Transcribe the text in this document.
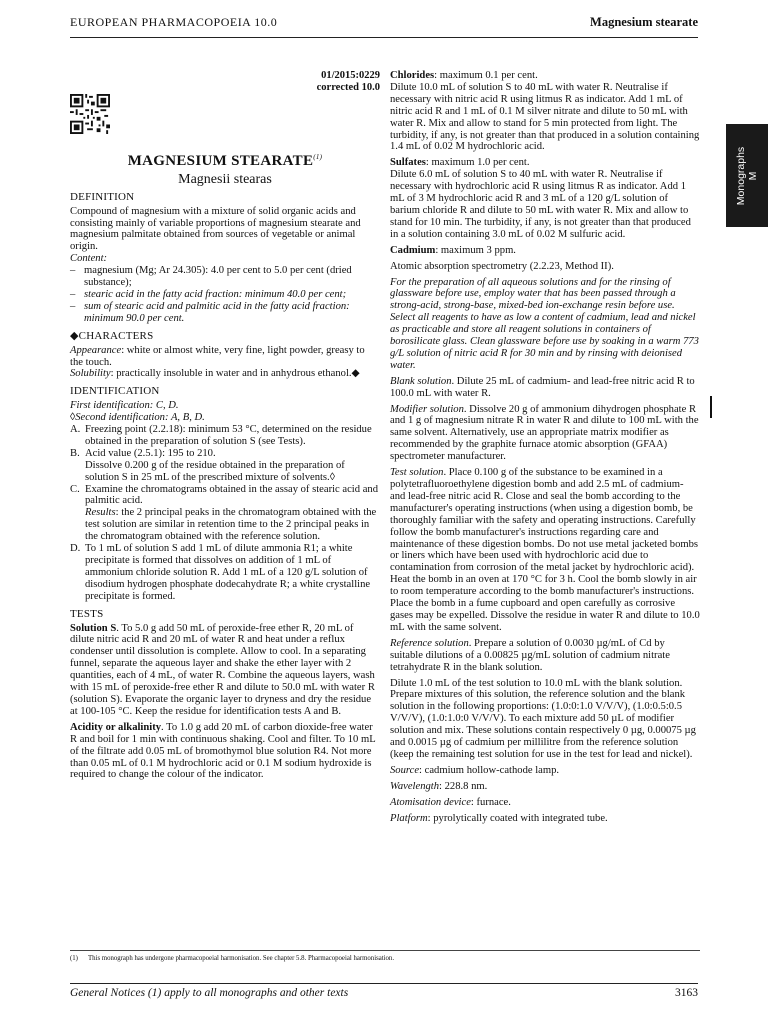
EUROPEAN PHARMACOPOEIA 10.0	Magnesium stearate
Monographs
M
01/2015:0229
corrected 10.0
MAGNESIUM STEARATE$^{(1)}$
Magnesii stearas
DEFINITION

Compound of magnesium with a mixture of solid organic acids and consisting mainly of variable proportions of magnesium stearate and magnesium palmitate obtained from sources of vegetable or animal origin.

Content:

– magnesium (Mg; Ar 24.305): 4.0 per cent to 5.0 per cent (dried substance);
– stearic acid in the fatty acid fraction: minimum 40.0 per cent;
– sum of stearic acid and palmitic acid in the fatty acid fraction: minimum 90.0 per cent.
◆CHARACTERS

Appearance: white or almost white, very fine, light powder, greasy to the touch.

Solubility: practically insoluble in water and in anhydrous ethanol.◆

IDENTIFICATION

First identification: C, D.

◊Second identification: A, B, D.

A. Freezing point (2.2.18): minimum 53 °C, determined on the residue obtained in the preparation of solution S (see Tests).
B. Acid value (2.5.1): 195 to 210.

Dissolve 0.200 g of the residue obtained in the preparation of solution S in 25 mL of the prescribed mixture of solvents.◊

C. Examine the chromatograms obtained in the assay of stearic acid and palmitic acid.

Results: the 2 principal peaks in the chromatogram obtained with the test solution are similar in retention time to the 2 principal peaks in the chromatogram obtained with the reference solution.

D. To 1 mL of solution S add 1 mL of dilute ammonia R1; a white precipitate is formed that dissolves on addition of 1 mL of ammonium chloride solution R. Add 1 mL of a 120 g/L solution of disodium hydrogen phosphate dodecahydrate R; a white crystalline precipitate is formed.
TESTS

Solution S. To 5.0 g add 50 mL of peroxide-free ether R, 20 mL of dilute nitric acid R and 20 mL of water R and heat under a reflux condenser until dissolution is complete. Allow to cool. In a separating funnel, separate the aqueous layer and shake the ether layer with 2 quantities, each of 4 mL, of water R. Combine the aqueous layers, wash with 15 mL of peroxide-free ether R and dilute to 50.0 mL with water R (solution S). Evaporate the organic layer to dryness and dry the residue at 100-105 °C. Keep the residue for identification tests A and B.

Acidity or alkalinity. To 1.0 g add 20 mL of carbon dioxide-free water R and boil for 1 min with continuous shaking. Cool and filter. To 10 mL of the filtrate add 0.05 mL of bromothymol blue solution R4. Not more than 0.05 mL of 0.1 M hydrochloric acid or 0.1 M sodium hydroxide is required to change the colour of the indicator.

Chlorides: maximum 0.1 per cent.

Dilute 10.0 mL of solution S to 40 mL with water R. Neutralise if necessary with nitric acid R using litmus R as indicator. Add 1 mL of nitric acid R and 1 mL of 0.1 M silver nitrate and dilute to 50 mL with water R. Mix and allow to stand for 5 min protected from light. The turbidity, if any, is not greater than that produced in a solution containing 1.4 mL of 0.02 M hydrochloric acid.

Sulfates: maximum 1.0 per cent.

Dilute 6.0 mL of solution S to 40 mL with water R. Neutralise if necessary with hydrochloric acid R using litmus R as indicator. Add 1 mL of 3 M hydrochloric acid R and 3 mL of a 120 g/L solution of barium chloride R and dilute to 50 mL with water R. Mix and allow to stand for 10 min. The turbidity, if any, is not greater than that produced in a solution containing 3.0 mL of 0.02 M sulfuric acid.

Cadmium: maximum 3 ppm.

Atomic absorption spectrometry (2.2.23, Method II).

For the preparation of all aqueous solutions and for the rinsing of glassware before use, employ water that has been passed through a strong-acid, strong-base, mixed-bed ion-exchange resin before use. Select all reagents to have as low a content of cadmium, lead and nickel as practicable and store all reagent solutions in containers of borosilicate glass. Clean glassware before use by soaking in a warm 773 g/L solution of nitric acid R for 30 min and by rinsing with deionised water.

Blank solution. Dilute 25 mL of cadmium- and lead-free nitric acid R to 100.0 mL with water R.

Modifier solution. Dissolve 20 g of ammonium dihydrogen phosphate R and 1 g of magnesium nitrate R in water R and dilute to 100 mL with the same solvent. Alternatively, use an appropriate matrix modifier as recommended by the graphite furnace atomic absorption (GFAA) spectrometer manufacturer.

Test solution. Place 0.100 g of the substance to be examined in a polytetrafluoroethylene digestion bomb and add 2.5 mL of cadmium- and lead-free nitric acid R. Close and seal the bomb according to the manufacturer's operating instructions (when using a digestion bomb, be thoroughly familiar with the safety and operating instructions. Carefully follow the bomb manufacturer's instructions regarding care and maintenance of these digestion bombs. Do not use metal jacketed bombs or liners which have been used with hydrochloric acid due to contamination from corrosion of the metal jacket by hydrochloric acid). Heat the bomb in an oven at 170 °C for 3 h. Cool the bomb slowly in air to room temperature according to the bomb manufacturer's instructions. Place the bomb in a fume cupboard and open carefully as corrosive gases may be expelled. Dissolve the residue in water R and dilute to 10.0 mL with the same solvent.

Reference solution. Prepare a solution of 0.0030 µg/mL of Cd by suitable dilutions of a 0.00825 µg/mL solution of cadmium nitrate tetrahydrate R in the blank solution.

Dilute 1.0 mL of the test solution to 10.0 mL with the blank solution. Prepare mixtures of this solution, the reference solution and the blank solution in the following proportions: (1.0:0:1.0 V/V/V), (1.0:0.5:0.5 V/V/V), (1.0:1.0:0 V/V/V). To each mixture add 50 µL of modifier solution and mix. These solutions contain respectively 0 µg, 0.00075 µg and 0.0015 µg of cadmium per millilitre from the reference solution (keep the remaining test solution for use in the test for lead and nickel).

Source: cadmium hollow-cathode lamp.

Wavelength: 228.8 nm.

Atomisation device: furnace.

Platform: pyrolytically coated with integrated tube.

(1) This monograph has undergone pharmacopoeial harmonisation. See chapter 5.8. Pharmacopoeial harmonisation.
General Notices (1) apply to all monographs and other texts	3163
